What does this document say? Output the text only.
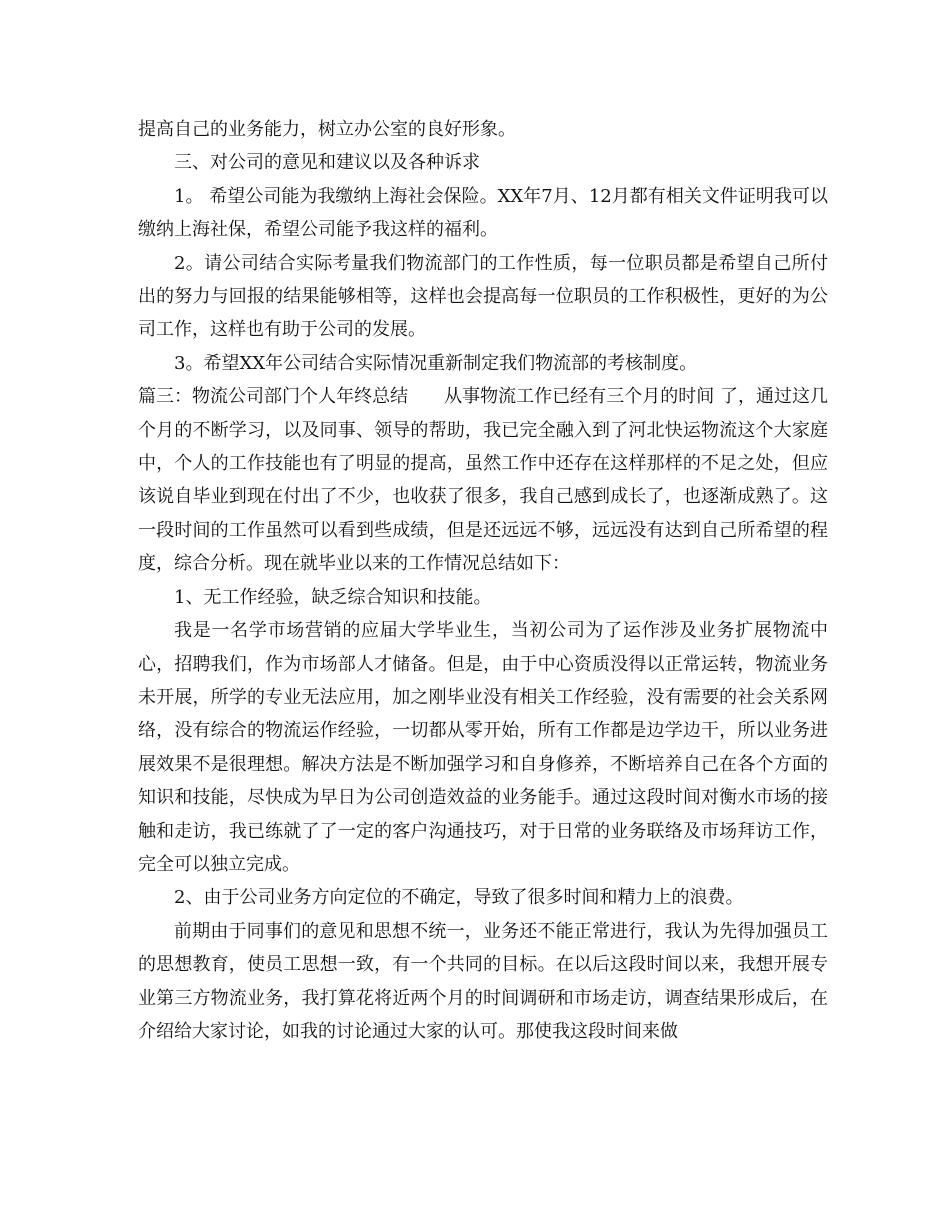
提高自己的业务能力，树立办公室的良好形象。

三、对公司的意见和建议以及各种诉求

1。 希望公司能为我缴纳上海社会保险。XX年7月、12月都有相关文件证明我可以缴纳上海社保，希望公司能予我这样的福利。

2。请公司结合实际考量我们物流部门的工作性质，每一位职员都是希望自己所付出的努力与回报的结果能够相等，这样也会提高每一位职员的工作积极性，更好的为公司工作，这样也有助于公司的发展。

3。希望XX年公司结合实际情况重新制定我们物流部的考核制度。

篇三：物流公司部门个人年终总结　　从事物流工作已经有三个月的时间 了，通过这几个月的不断学习，以及同事、领导的帮助，我已完全融入到了河北快运物流这个大家庭中，个人的工作技能也有了明显的提高，虽然工作中还存在这样那样的不足之处，但应该说自毕业到现在付出了不少，也收获了很多，我自己感到成长了，也逐渐成熟了。这一段时间的工作虽然可以看到些成绩，但是还远远不够，远远没有达到自己所希望的程度，综合分析。现在就毕业以来的工作情况总结如下：

1、无工作经验，缺乏综合知识和技能。

我是一名学市场营销的应届大学毕业生，当初公司为了运作涉及业务扩展物流中心，招聘我们，作为市场部人才储备。但是，由于中心资质没得以正常运转，物流业务未开展，所学的专业无法应用，加之刚毕业没有相关工作经验，没有需要的社会关系网络，没有综合的物流运作经验，一切都从零开始，所有工作都是边学边干，所以业务进展效果不是很理想。解决方法是不断加强学习和自身修养，不断培养自己在各个方面的知识和技能，尽快成为早日为公司创造效益的业务能手。通过这段时间对衡水市场的接触和走访，我已练就了了一定的客户沟通技巧，对于日常的业务联络及市场拜访工作，完全可以独立完成。

2、由于公司业务方向定位的不确定，导致了很多时间和精力上的浪费。

前期由于同事们的意见和思想不统一，业务还不能正常进行，我认为先得加强员工的思想教育，使员工思想一致，有一个共同的目标。在以后这段时间以来，我想开展专业第三方物流业务，我打算花将近两个月的时间调研和市场走访，调查结果形成后，在介绍给大家讨论，如我的讨论通过大家的认可。那使我这段时间来做
